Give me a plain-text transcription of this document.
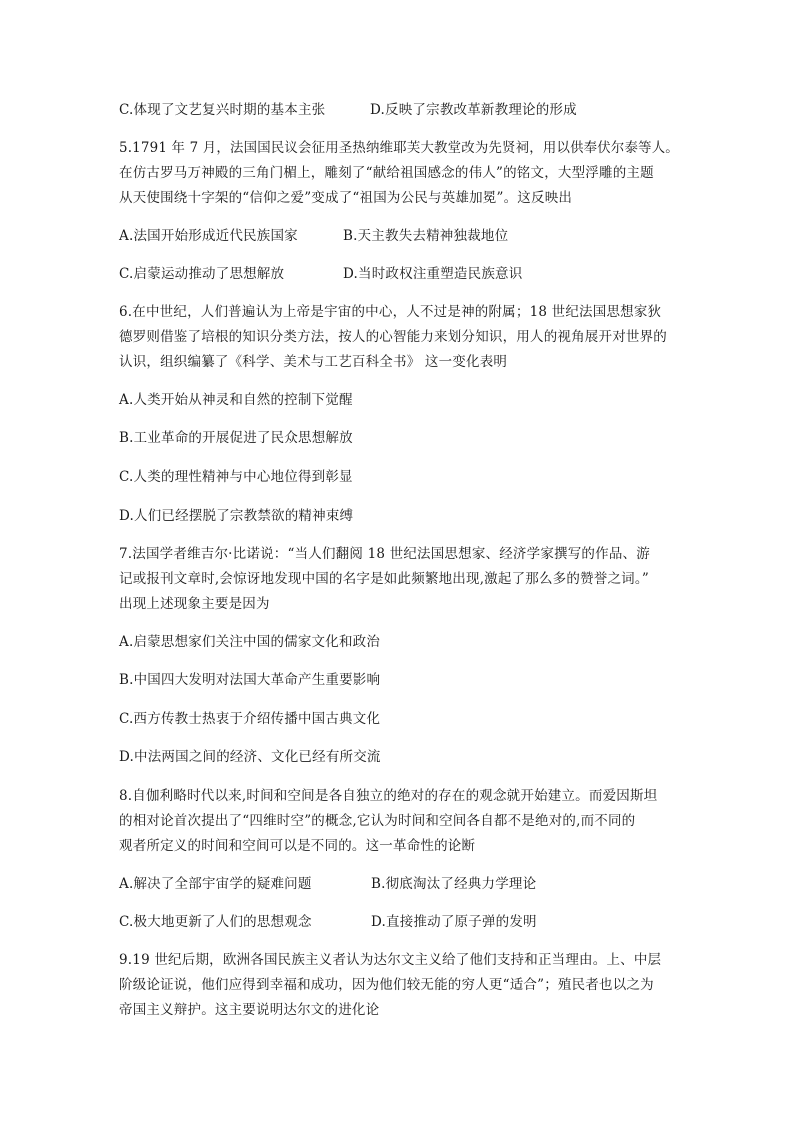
C.体现了文艺复兴时期的基本主张	D.反映了宗教改革新教理论的形成
5.1791 年 7 月，法国国民议会征用圣热纳维耶芙大教堂改为先贤祠，用以供奉伏尔泰等人。
在仿古罗马万神殿的三角门楣上，雕刻了“献给祖国感念的伟人”的铭文，大型浮雕的主题
从天使围绕十字架的“信仰之爱”变成了“祖国为公民与英雄加冕”。这反映出
A.法国开始形成近代民族国家	B.天主教失去精神独裁地位
C.启蒙运动推动了思想解放	D.当时政权注重塑造民族意识
6.在中世纪，人们普遍认为上帝是宇宙的中心，人不过是神的附属；18 世纪法国思想家狄
德罗则借鉴了培根的知识分类方法，按人的心智能力来划分知识，用人的视角展开对世界的
认识，组织编纂了《科学、美术与工艺百科全书》 这一变化表明
A.人类开始从神灵和自然的控制下觉醒
B.工业革命的开展促进了民众思想解放
C.人类的理性精神与中心地位得到彰显
D.人们已经摆脱了宗教禁欲的精神束缚
7.法国学者维吉尔·比诺说：“当人们翻阅 18 世纪法国思想家、经济学家撰写的作品、游
记或报刊文章时,会惊讶地发现中国的名字是如此频繁地出现,激起了那么多的赞誉之词。”
出现上述现象主要是因为
A.启蒙思想家们关注中国的儒家文化和政治
B.中国四大发明对法国大革命产生重要影响
C.西方传教士热衷于介绍传播中国古典文化
D.中法两国之间的经济、文化已经有所交流
8.自伽利略时代以来,时间和空间是各自独立的绝对的存在的观念就开始建立。而爱因斯坦
的相对论首次提出了“四维时空”的概念,它认为时间和空间各自都不是绝对的,而不同的
观者所定义的时间和空间可以是不同的。这一革命性的论断
A.解决了全部宇宙学的疑难问题	B.彻底淘汰了经典力学理论
C.极大地更新了人们的思想观念	D.直接推动了原子弹的发明
9.19 世纪后期，欧洲各国民族主义者认为达尔文主义给了他们支持和正当理由。上、中层
阶级论证说，他们应得到幸福和成功，因为他们较无能的穷人更“适合”；殖民者也以之为
帝国主义辩护。这主要说明达尔文的进化论
